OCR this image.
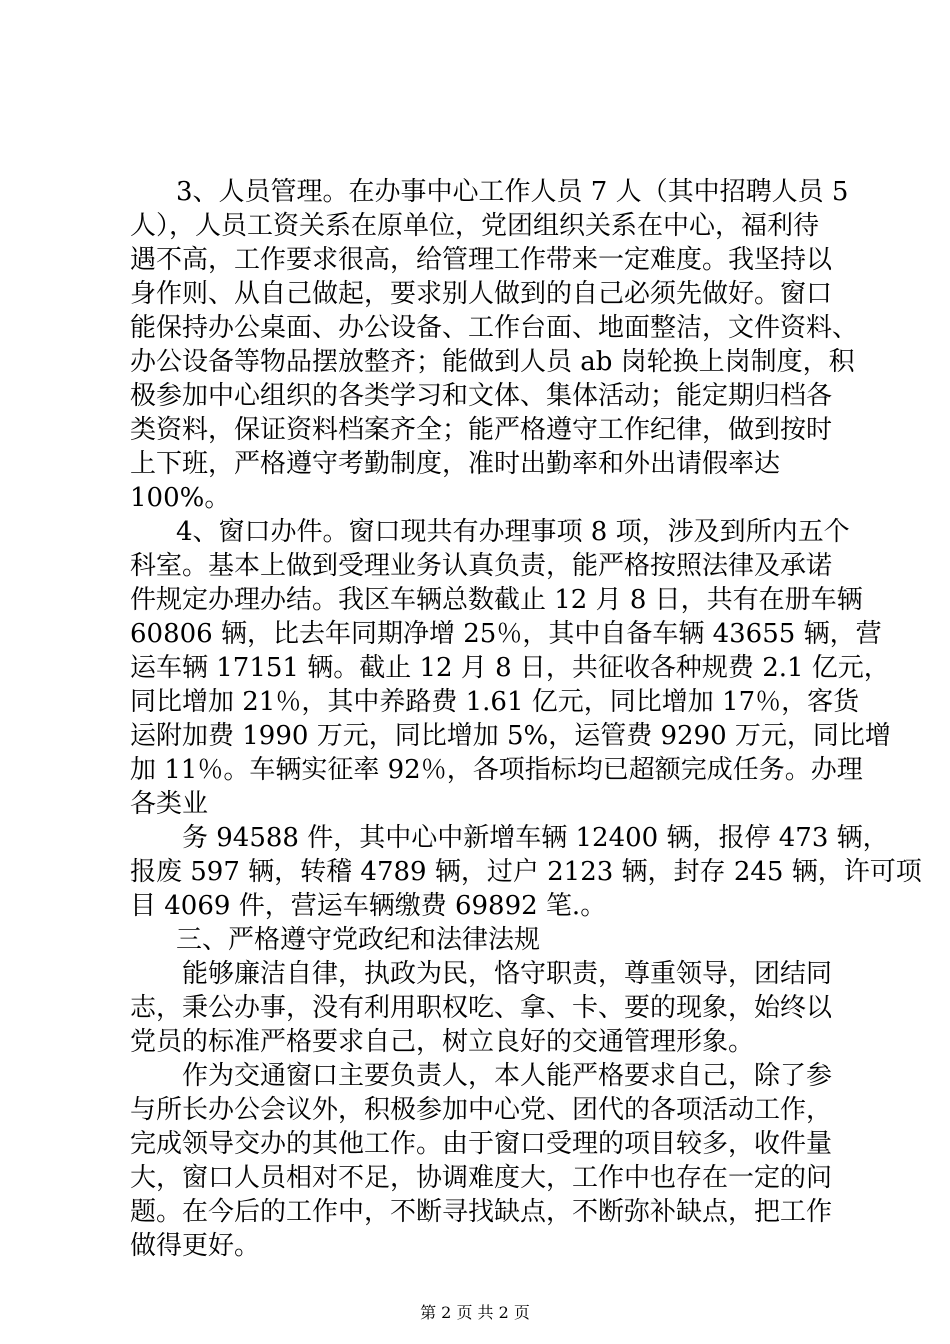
3、人员管理。在办事中心工作人员 7 人（其中招聘人员 5
人），人员工资关系在原单位，党团组织关系在中心，福利待
遇不高，工作要求很高，给管理工作带来一定难度。我坚持以
身作则、从自己做起，要求别人做到的自己必须先做好。窗口
能保持办公桌面、办公设备、工作台面、地面整洁，文件资料、
办公设备等物品摆放整齐；能做到人员 ab 岗轮换上岗制度，积
极参加中心组织的各类学习和文体、集体活动；能定期归档各
类资料，保证资料档案齐全；能严格遵守工作纪律，做到按时
上下班，严格遵守考勤制度，准时出勤率和外出请假率达
100%。
4、窗口办件。窗口现共有办理事项 8 项，涉及到所内五个
科室。基本上做到受理业务认真负责，能严格按照法律及承诺
件规定办理办结。我区车辆总数截止 12 月 8 日，共有在册车辆
60806 辆，比去年同期净增 25％，其中自备车辆 43655 辆，营
运车辆 17151 辆。截止 12 月 8 日，共征收各种规费 2.1 亿元，
同比增加 21％，其中养路费 1.61 亿元，同比增加 17％，客货
运附加费 1990 万元，同比增加 5%，运管费 9290 万元，同比增
加 11％。车辆实征率 92％，各项指标均已超额完成任务。办理
各类业
务 94588 件，其中心中新增车辆 12400 辆，报停 473 辆，
报废 597 辆，转稽 4789 辆，过户 2123 辆，封存 245 辆，许可项
目 4069 件，营运车辆缴费 69892 笔.。
三、严格遵守党政纪和法律法规
能够廉洁自律，执政为民，恪守职责，尊重领导，团结同
志，秉公办事，没有利用职权吃、拿、卡、要的现象，始终以
党员的标准严格要求自己，树立良好的交通管理形象。
作为交通窗口主要负责人，本人能严格要求自己，除了参
与所长办公会议外，积极参加中心党、团代的各项活动工作，
完成领导交办的其他工作。由于窗口受理的项目较多，收件量
大，窗口人员相对不足，协调难度大，工作中也存在一定的问
题。在今后的工作中，不断寻找缺点，不断弥补缺点，把工作
做得更好。
第 2 页 共 2 页
